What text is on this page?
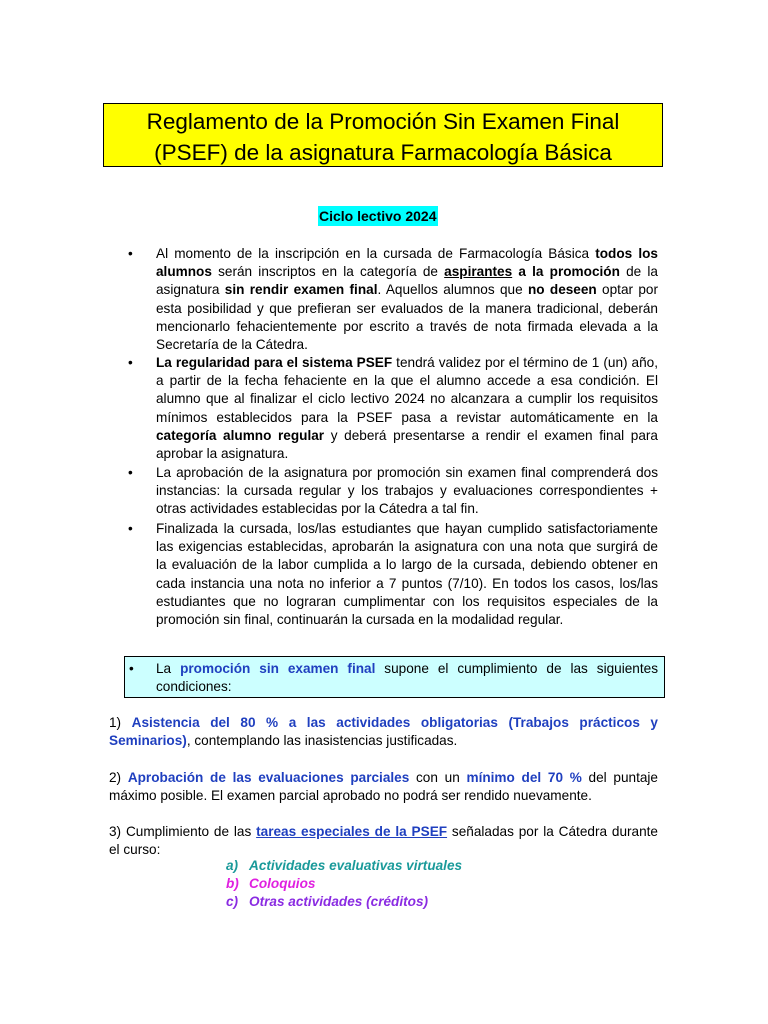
Reglamento de la Promoción Sin Examen Final
(PSEF) de la asignatura Farmacología Básica
Ciclo lectivo 2024
• Al momento de la inscripción en la cursada de Farmacología Básica todos los alumnos serán inscriptos en la categoría de aspirantes a la promoción de la asignatura sin rendir examen final. Aquellos alumnos que no deseen optar por esta posibilidad y que prefieran ser evaluados de la manera tradicional, deberán mencionarlo fehacientemente por escrito a través de nota firmada elevada a la Secretaría de la Cátedra.
• La regularidad para el sistema PSEF tendrá validez por el término de 1 (un) año, a partir de la fecha fehaciente en la que el alumno accede a esa condición. El alumno que al finalizar el ciclo lectivo 2024 no alcanzara a cumplir los requisitos mínimos establecidos para la PSEF pasa a revistar automáticamente en la categoría alumno regular y deberá presentarse a rendir el examen final para aprobar la asignatura.
• La aprobación de la asignatura por promoción sin examen final comprenderá dos instancias: la cursada regular y los trabajos y evaluaciones correspondientes + otras actividades establecidas por la Cátedra a tal fin.
• Finalizada la cursada, los/las estudiantes que hayan cumplido satisfactoriamente las exigencias establecidas, aprobarán la asignatura con una nota que surgirá de la evaluación de la labor cumplida a lo largo de la cursada, debiendo obtener en cada instancia una nota no inferior a 7 puntos (7/10). En todos los casos, los/las estudiantes que no lograran cumplimentar con los requisitos especiales de la promoción sin final, continuarán la cursada en la modalidad regular.
• La promoción sin examen final supone el cumplimiento de las siguientes condiciones:
1) Asistencia del 80 % a las actividades obligatorias (Trabajos prácticos y Seminarios), contemplando las inasistencias justificadas.
2) Aprobación de las evaluaciones parciales con un mínimo del 70 % del puntaje máximo posible. El examen parcial aprobado no podrá ser rendido nuevamente.
3) Cumplimiento de las tareas especiales de la PSEF señaladas por la Cátedra durante el curso:
a) Actividades evaluativas virtuales
b) Coloquios
c) Otras actividades (créditos)
